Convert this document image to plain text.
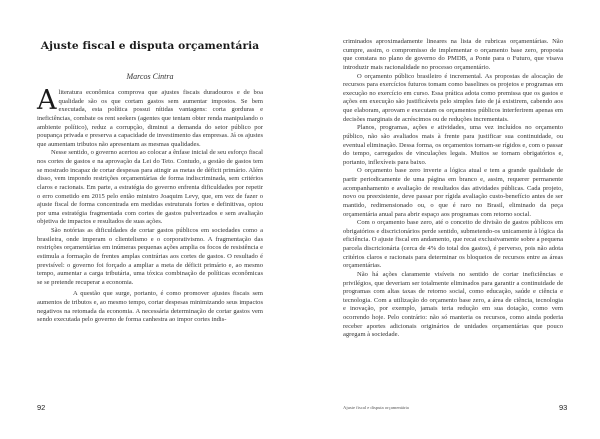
Ajuste fiscal e disputa orçamentária
Marcos Cintra

A literatura econômica comprova que ajustes fiscais duradouros e de boa qualidade são os que cortam gastos sem aumentar impostos. Se bem executada, esta política possui nítidas vantagens: corta gorduras e ineficiências, combate os rent seekers (agentes que tentam obter renda manipulando o ambiente político), reduz a corrupção, diminui a demanda do setor público por poupança privada e preserva a capacidade de investimento das empresas. Já os ajustes que aumentam tributos não apresentam as mesmas qualidades.

Nesse sentido, o governo acertou ao colocar a ênfase inicial de seu esforço fiscal nos cortes de gastos e na aprovação da Lei do Teto. Contudo, a gestão de gastos tem se mostrado incapaz de cortar despesas para atingir as metas de déficit primário. Além disso, vem impondo restrições orçamentárias de forma indiscriminada, sem critérios claros e racionais. Em parte, a estratégia do governo enfrenta dificuldades por repetir o erro cometido em 2015 pelo então ministro Joaquim Levy, que, em vez de fazer o ajuste fiscal de forma concentrada em medidas estruturais fortes e definitivas, optou por uma estratégia fragmentada com cortes de gastos pulverizados e sem avaliação objetiva de impactos e resultados de suas ações.

São notórias as dificuldades de cortar gastos públicos em sociedades como a brasileira, onde imperam o clientelismo e o corporativismo. A fragmentação das restrições orçamentárias em inúmeras pequenas ações amplia os focos de resistência e estimula a formação de frentes amplas contrárias aos cortes de gastos. O resultado é previsível: o governo foi forçado a ampliar a meta de déficit primário e, ao mesmo tempo, aumentar a carga tributária, uma tóxica combinação de políticas econômicas se se pretende recuperar a economia.

A questão que surge, portanto, é como promover ajustes fiscais sem aumentos de tributos e, ao mesmo tempo, cortar despesas minimizando seus impactos negativos na retomada da economia. A necessária determinação de cortar gastos vem sendo executada pelo governo de forma canhestra ao impor cortes indis-

92

criminados aproximadamente lineares na lista de rubricas orçamentárias. Não cumpre, assim, o compromisso de implementar o orçamento base zero, proposta que constara no plano de governo do PMDB, a Ponte para o Futuro, que visava introduzir mais racionalidade no processo orçamentário.

O orçamento público brasileiro é incremental. As propostas de alocação de recursos para exercícios futuros tomam como baselines os projetos e programas em execução no exercício em curso. Essa prática adota como premissa que os gastos e ações em execução são justificáveis pelo simples fato de já existirem, cabendo aos que elaboram, aprovam e executam os orçamentos públicos interferirem apenas em decisões marginais de acréscimos ou de reduções incrementais.

Planos, programas, ações e atividades, uma vez incluídos no orçamento público, não são avaliados mais à frente para justificar sua continuidade, ou eventual eliminação. Dessa forma, os orçamentos tornam-se rígidos e, com o passar do tempo, carregados de vinculações legais. Muitos se tornam obrigatórios e, portanto, inflexíveis para baixo.

O orçamento base zero inverte a lógica atual e tem a grande qualidade de partir periodicamente de uma página em branco e, assim, requerer permanente acompanhamento e avaliação de resultados das atividades públicas. Cada projeto, novo ou preexistente, deve passar por rígida avaliação custo-benefício antes de ser mantido, redimensionado ou, o que é raro no Brasil, eliminado da peça orçamentária anual para abrir espaço aos programas com retorno social.

Com o orçamento base zero, até o conceito de divisão de gastos públicos em obrigatórios e discricionários perde sentido, submetendo-os unicamente à lógica da eficiência. O ajuste fiscal em andamento, que recai exclusivamente sobre a pequena parcela discricionária (cerca de 4% do total dos gastos), é perverso, pois não adota critérios claros e racionais para determinar os bloqueios de recursos entre as áreas orçamentárias.

Não há ações claramente visíveis no sentido de cortar ineficiências e privilégios, que deveriam ser totalmente eliminados para garantir a continuidade de programas com altas taxas de retorno social, como educação, saúde e ciência e tecnologia. Com a utilização do orçamento base zero, a área de ciência, tecnologia e inovação, por exemplo, jamais teria redução em sua dotação, como vem ocorrendo hoje. Pelo contrário: não só manteria os recursos, como ainda poderia receber aportes adicionais originários de unidades orçamentárias que pouco agregam à sociedade.

Ajuste fiscal e disputa orçamentária	93
